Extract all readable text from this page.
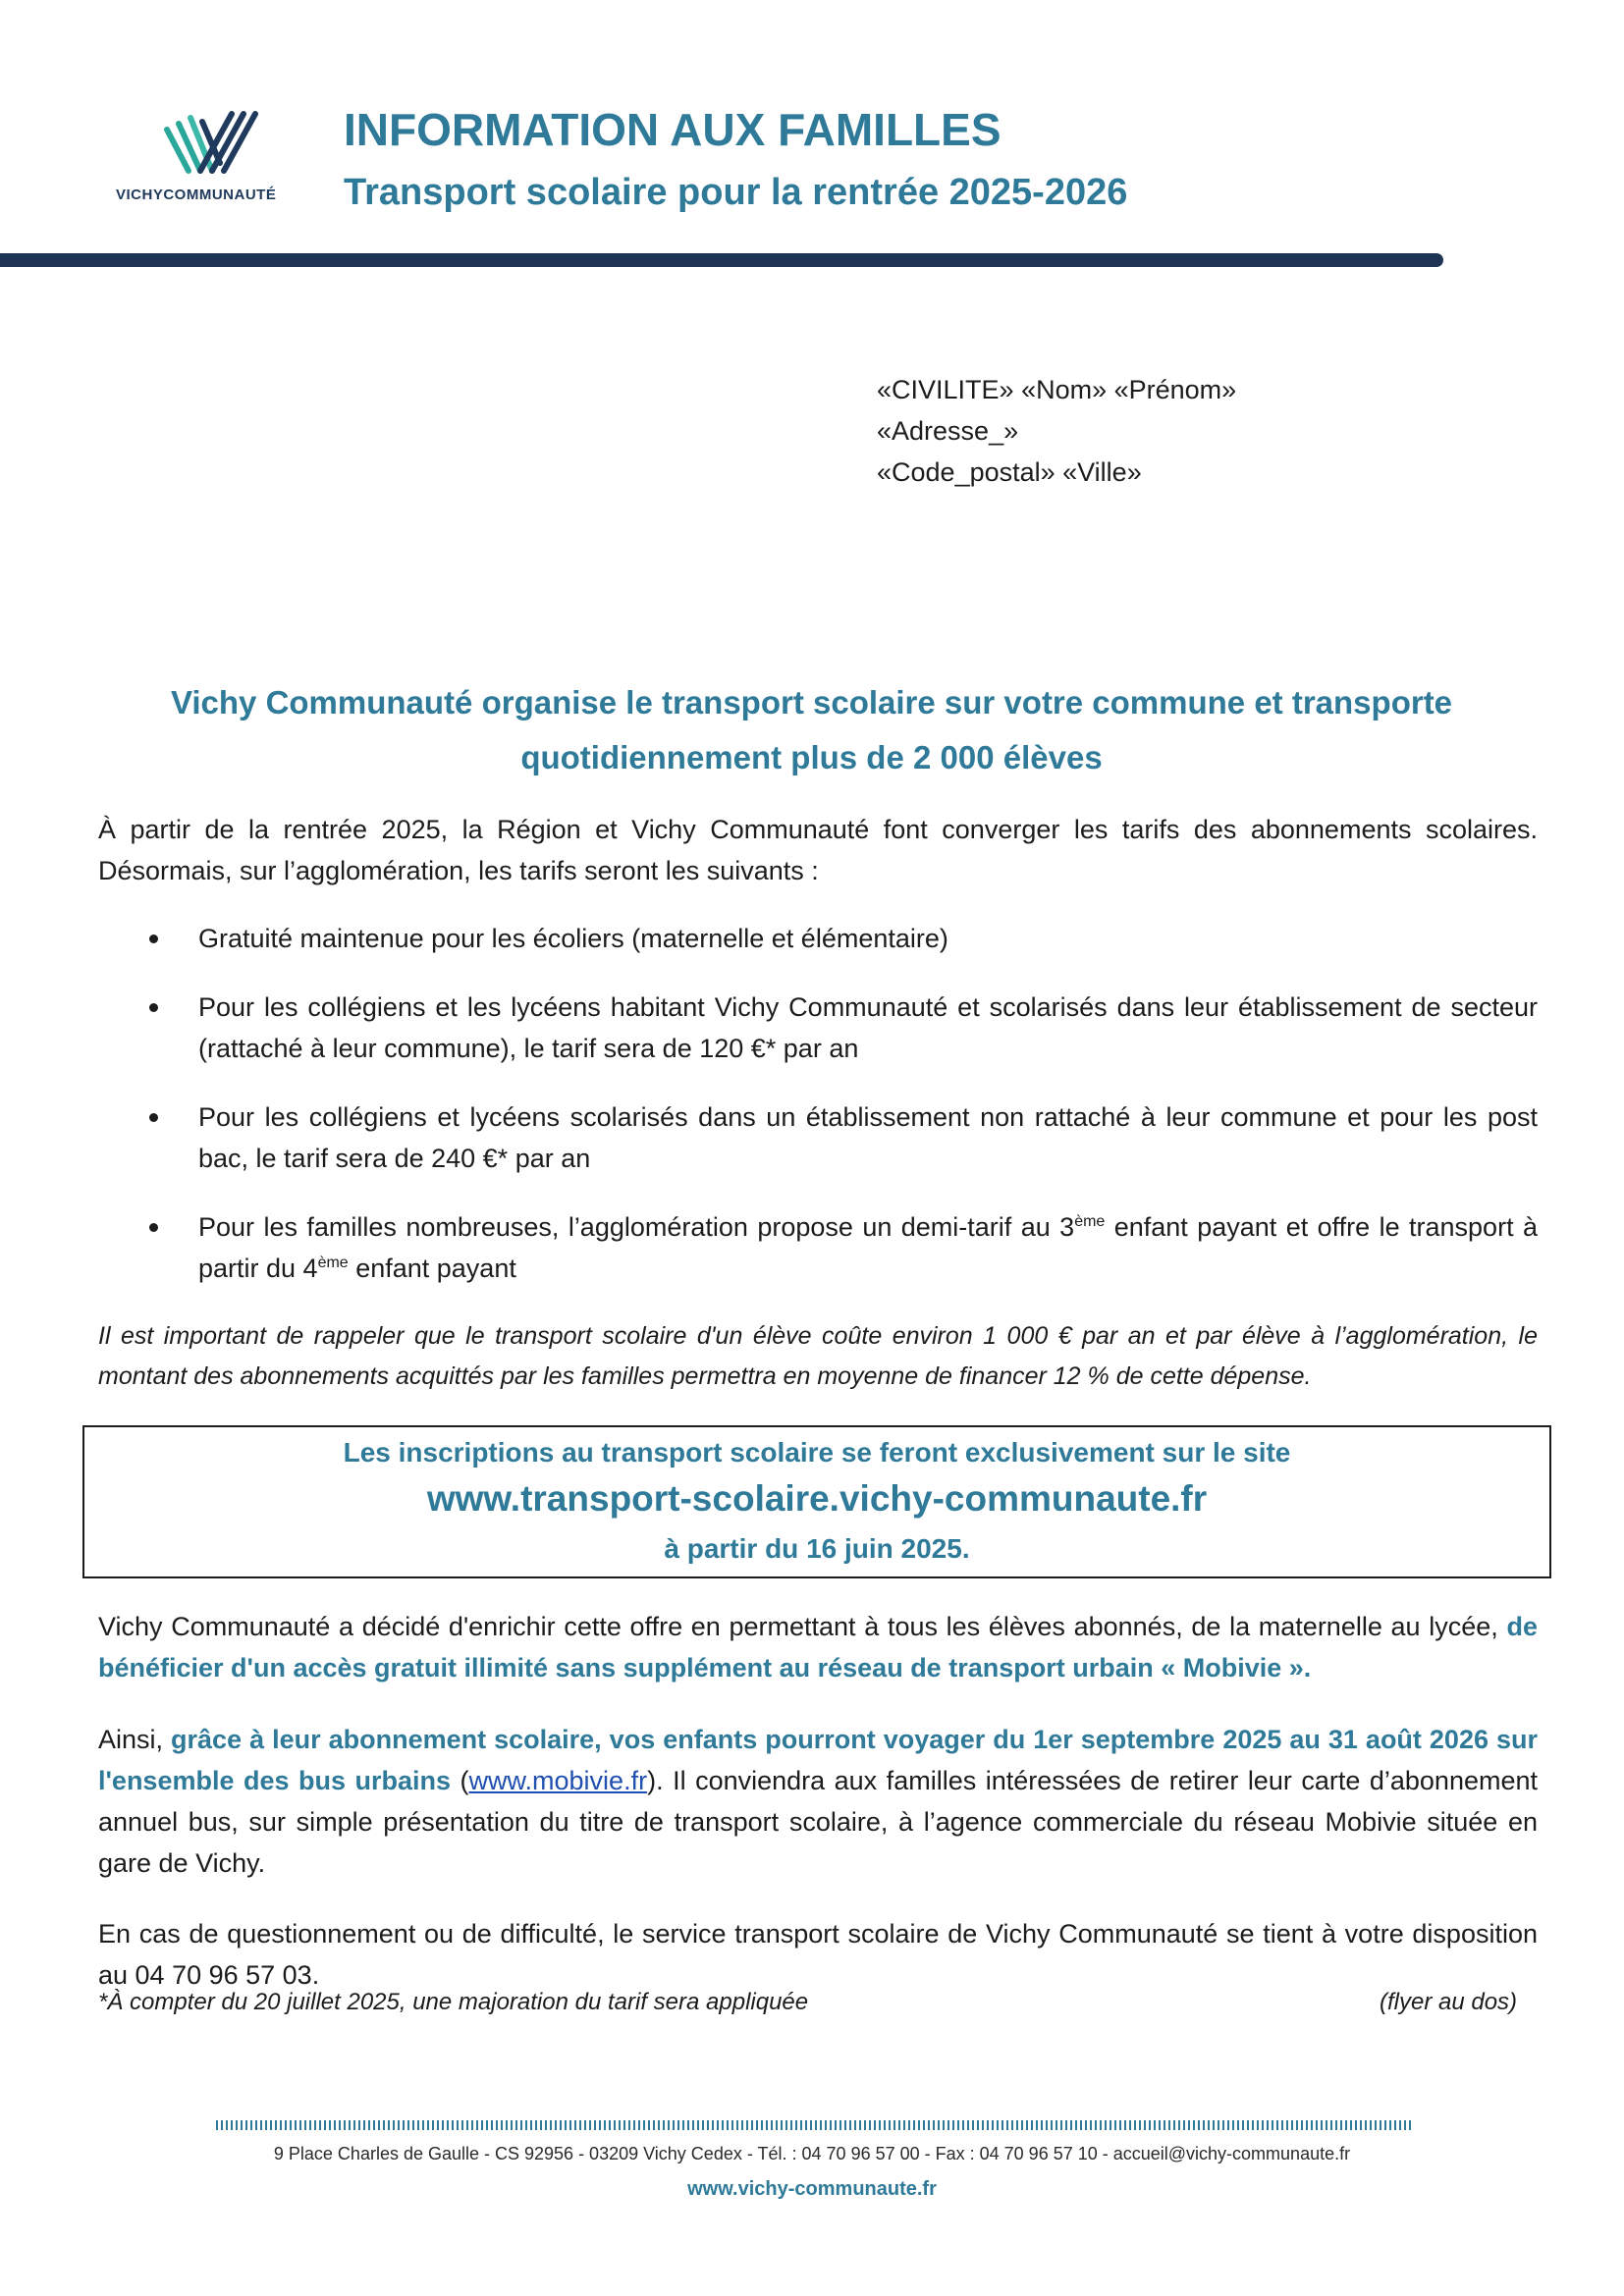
VICHYCOMMUNAUTÉ
INFORMATION AUX FAMILLES
Transport scolaire pour la rentrée 2025-2026
«CIVILITE» «Nom» «Prénom»
«Adresse_»
«Code_postal» «Ville»
Vichy Communauté organise le transport scolaire sur votre commune et transporte quotidiennement plus de 2 000 élèves
À partir de la rentrée 2025, la Région et Vichy Communauté font converger les tarifs des abonnements scolaires. Désormais, sur l’agglomération, les tarifs seront les suivants :
Gratuité maintenue pour les écoliers (maternelle et élémentaire)
Pour les collégiens et les lycéens habitant Vichy Communauté et scolarisés dans leur établissement de secteur (rattaché à leur commune), le tarif sera de 120 €* par an
Pour les collégiens et lycéens scolarisés dans un établissement non rattaché à leur commune et pour les post bac, le tarif sera de 240 €* par an
Pour les familles nombreuses, l’agglomération propose un demi-tarif au 3ème enfant payant et offre le transport à partir du 4ème enfant payant
Il est important de rappeler que le transport scolaire d'un élève coûte environ 1 000 € par an et par élève à l’agglomération, le montant des abonnements acquittés par les familles permettra en moyenne de financer 12 % de cette dépense.
Les inscriptions au transport scolaire se feront exclusivement sur le site
www.transport-scolaire.vichy-communaute.fr
à partir du 16 juin 2025.
Vichy Communauté a décidé d'enrichir cette offre en permettant à tous les élèves abonnés, de la maternelle au lycée, de bénéficier d'un accès gratuit illimité sans supplément au réseau de transport urbain « Mobivie ».
Ainsi, grâce à leur abonnement scolaire, vos enfants pourront voyager du 1er septembre 2025 au 31 août 2026 sur l'ensemble des bus urbains (www.mobivie.fr). Il conviendra aux familles intéressées de retirer leur carte d’abonnement annuel bus, sur simple présentation du titre de transport scolaire, à l’agence commerciale du réseau Mobivie située en gare de Vichy.
En cas de questionnement ou de difficulté, le service transport scolaire de Vichy Communauté se tient à votre disposition au 04 70 96 57 03.
*À compter du 20 juillet 2025, une majoration du tarif sera appliquée	(flyer au dos)
9 Place Charles de Gaulle - CS 92956 - 03209 Vichy Cedex - Tél. : 04 70 96 57 00 - Fax : 04 70 96 57 10 - accueil@vichy-communaute.fr
www.vichy-communaute.fr
